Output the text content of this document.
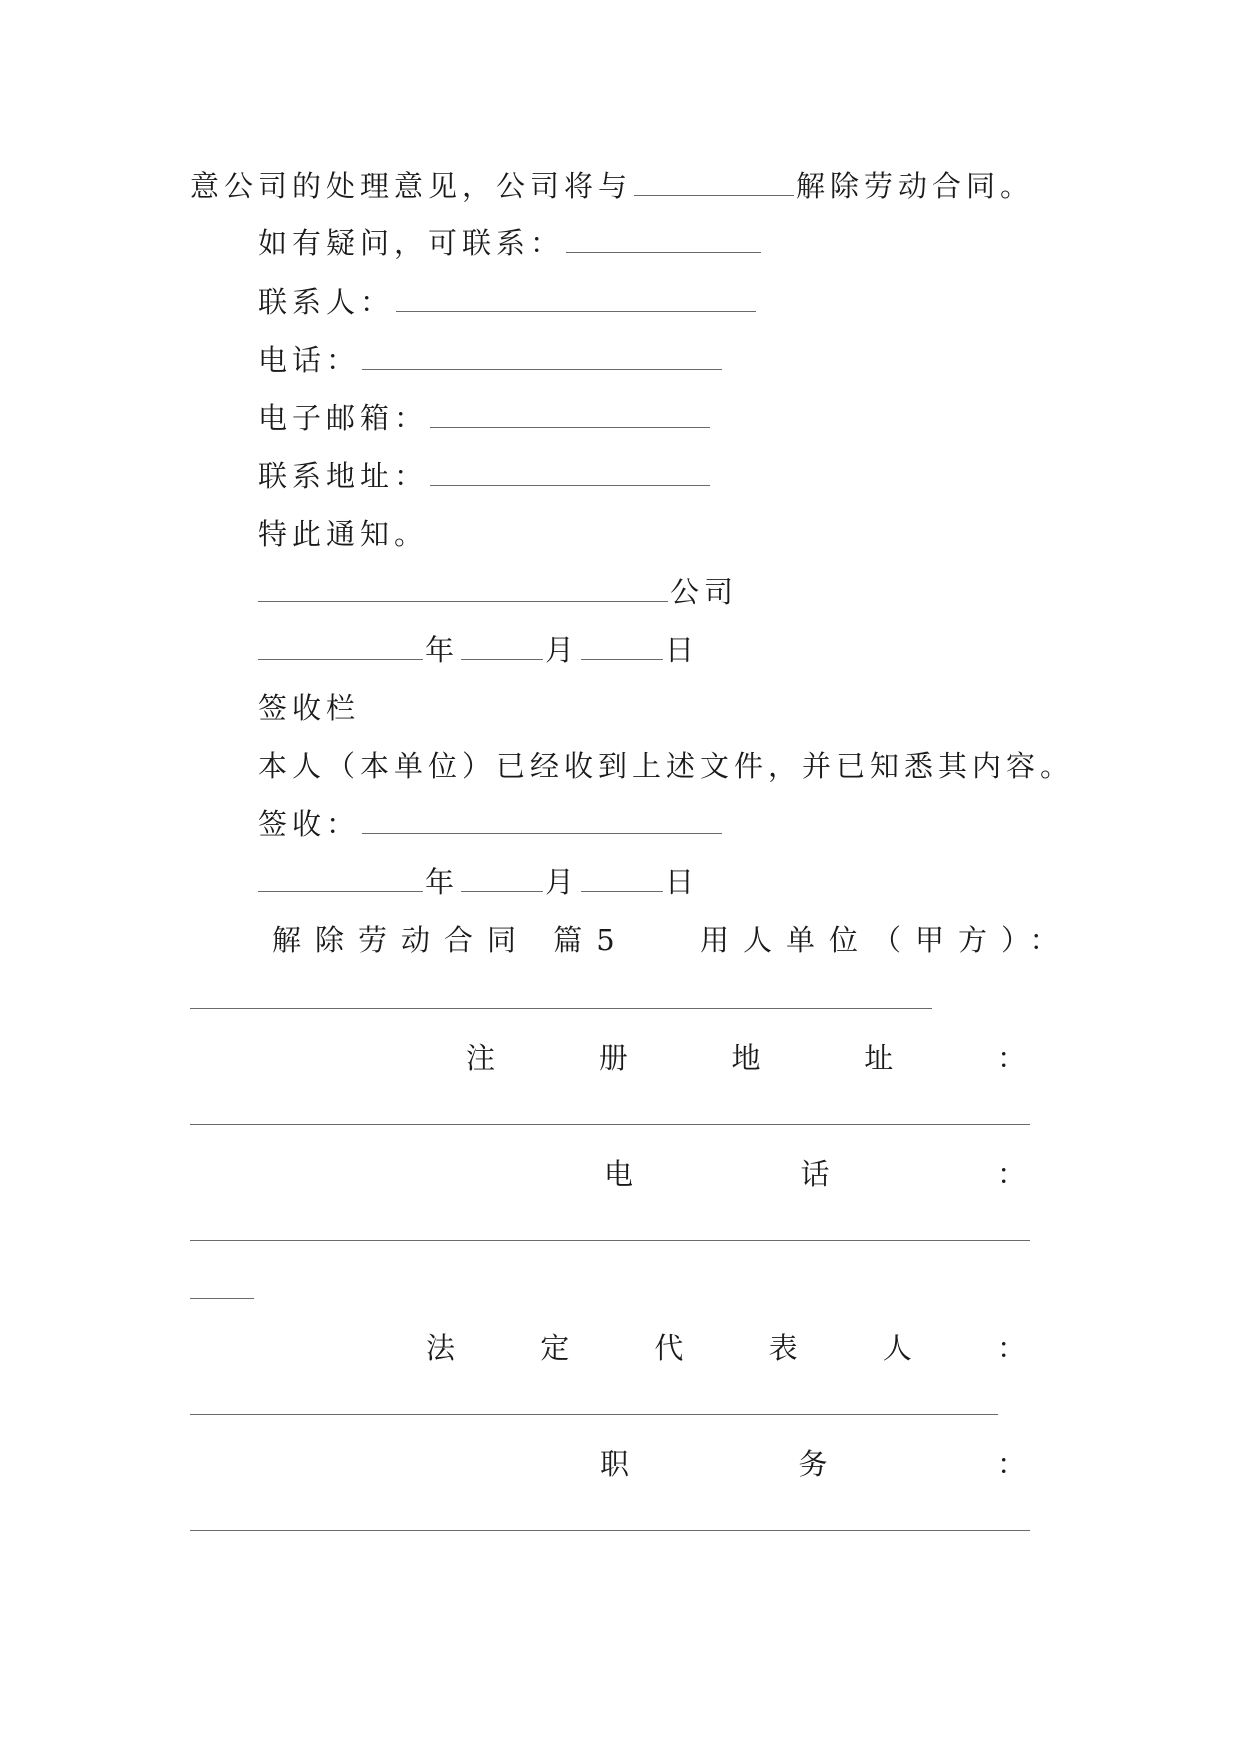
意公司的处理意见，公司将与	解除劳动合同。
如有疑问，可联系：
联系人：
电话：
电子邮箱：
联系地址：
特此通知。
公司
年	月	日
签收栏
本人（本单位）已经收到上述文件，并已知悉其内容。
签收：
年	月	日
解除劳动合同 篇5 用人单位（甲方）：
注	册	地	址	：
电	话	：
法	定	代	表	人	：
职	务	：
